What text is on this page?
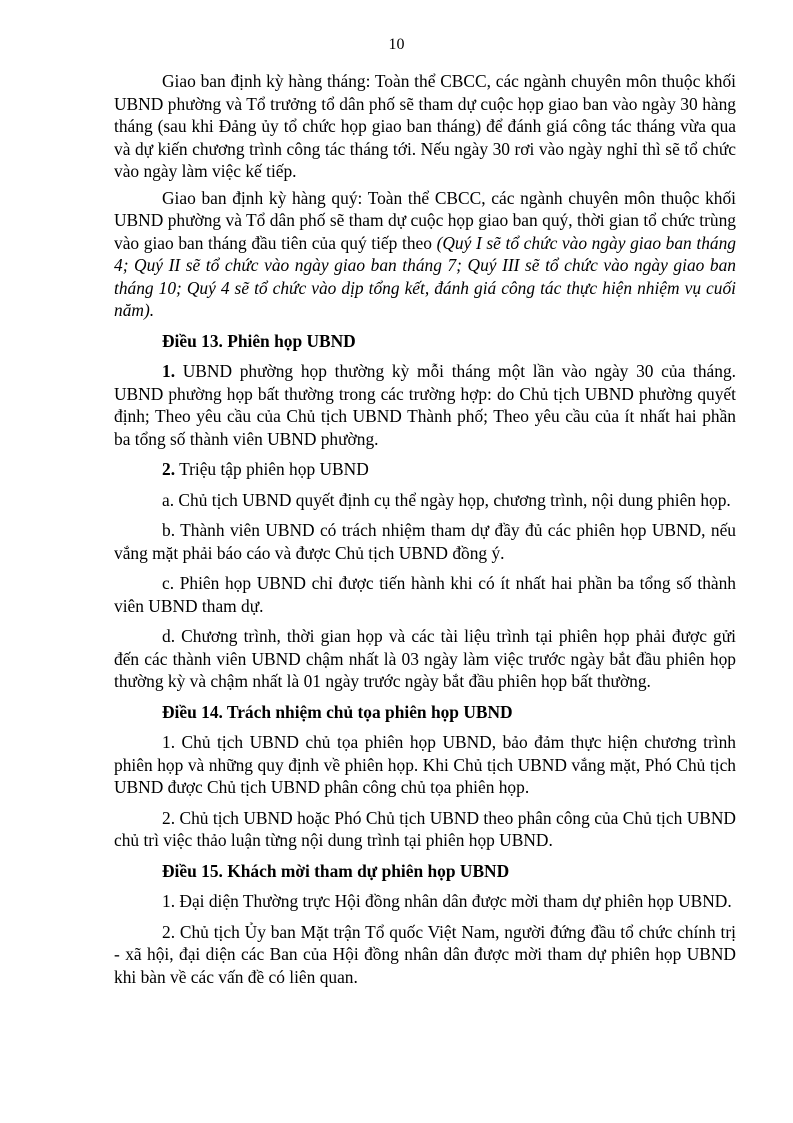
10

Giao ban định kỳ hàng tháng: Toàn thể CBCC, các ngành chuyên môn thuộc khối UBND phường và Tổ trưởng tổ dân phố sẽ tham dự cuộc họp giao ban vào ngày 30 hàng tháng (sau khi Đảng ủy tổ chức họp giao ban tháng) để đánh giá công tác tháng vừa qua và dự kiến chương trình công tác tháng tới. Nếu ngày 30 rơi vào ngày nghỉ thì sẽ tổ chức vào ngày làm việc kế tiếp.

Giao ban định kỳ hàng quý: Toàn thể CBCC, các ngành chuyên môn thuộc khối UBND phường và Tổ dân phố sẽ tham dự cuộc họp giao ban quý, thời gian tổ chức trùng vào giao ban tháng đầu tiên của quý tiếp theo (Quý I sẽ tổ chức vào ngày giao ban tháng 4; Quý II sẽ tổ chức vào ngày giao ban tháng 7; Quý III sẽ tổ chức vào ngày giao ban tháng 10; Quý 4 sẽ tổ chức vào dịp tổng kết, đánh giá công tác thực hiện nhiệm vụ cuối năm).

Điều 13. Phiên họp UBND

1. UBND phường họp thường kỳ mỗi tháng một lần vào ngày 30 của tháng. UBND phường họp bất thường trong các trường hợp: do Chủ tịch UBND phường quyết định; Theo yêu cầu của Chủ tịch UBND Thành phố; Theo yêu cầu của ít nhất hai phần ba tổng số thành viên UBND phường.

2. Triệu tập phiên họp UBND

a. Chủ tịch UBND quyết định cụ thể ngày họp, chương trình, nội dung phiên họp.

b. Thành viên UBND có trách nhiệm tham dự đầy đủ các phiên họp UBND, nếu vắng mặt phải báo cáo và được Chủ tịch UBND đồng ý.

c. Phiên họp UBND chỉ được tiến hành khi có ít nhất hai phần ba tổng số thành viên UBND tham dự.

d. Chương trình, thời gian họp và các tài liệu trình tại phiên họp phải được gửi đến các thành viên UBND chậm nhất là 03 ngày làm việc trước ngày bắt đầu phiên họp thường kỳ và chậm nhất là 01 ngày trước ngày bắt đầu phiên họp bất thường.

Điều 14. Trách nhiệm chủ tọa phiên họp UBND

1. Chủ tịch UBND chủ tọa phiên họp UBND, bảo đảm thực hiện chương trình phiên họp và những quy định về phiên họp. Khi Chủ tịch UBND vắng mặt, Phó Chủ tịch UBND được Chủ tịch UBND phân công chủ tọa phiên họp.

2. Chủ tịch UBND hoặc Phó Chủ tịch UBND theo phân công của Chủ tịch UBND chủ trì việc thảo luận từng nội dung trình tại phiên họp UBND.

Điều 15. Khách mời tham dự phiên họp UBND

1. Đại diện Thường trực Hội đồng nhân dân được mời tham dự phiên họp UBND.

2. Chủ tịch Ủy ban Mặt trận Tổ quốc Việt Nam, người đứng đầu tổ chức chính trị - xã hội, đại diện các Ban của Hội đồng nhân dân được mời tham dự phiên họp UBND khi bàn về các vấn đề có liên quan.
